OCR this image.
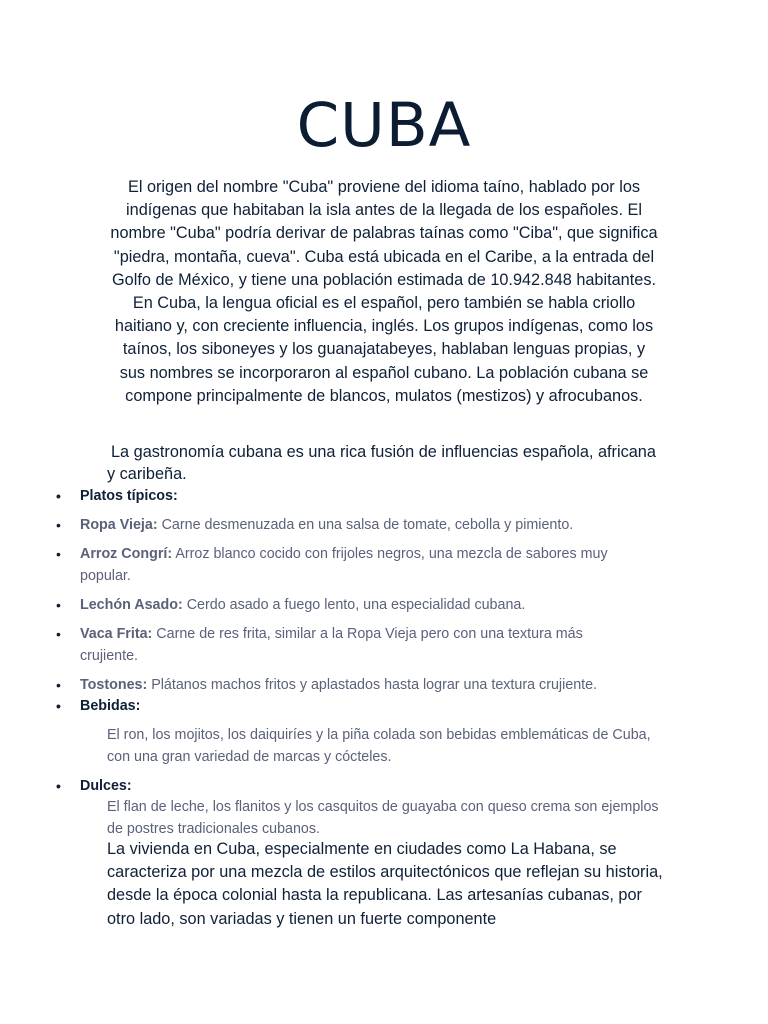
CUBA
El origen del nombre "Cuba" proviene del idioma taíno, hablado por los indígenas que habitaban la isla antes de la llegada de los españoles. El nombre "Cuba" podría derivar de palabras taínas como "Ciba", que significa "piedra, montaña, cueva". Cuba está ubicada en el Caribe, a la entrada del Golfo de México, y tiene una población estimada de 10.942.848 habitantes. En Cuba, la lengua oficial es el español, pero también se habla criollo haitiano y, con creciente influencia, inglés. Los grupos indígenas, como los taínos, los siboneyes y los guanajatabeyes, hablaban lenguas propias, y sus nombres se incorporaron al español cubano. La población cubana se compone principalmente de blancos, mulatos (mestizos) y afrocubanos.
La gastronomía cubana es una rica fusión de influencias española, africana y caribeña.
• Platos típicos:
• Ropa Vieja: Carne desmenuzada en una salsa de tomate, cebolla y pimiento.
• Arroz Congrí: Arroz blanco cocido con frijoles negros, una mezcla de sabores muy popular.
• Lechón Asado: Cerdo asado a fuego lento, una especialidad cubana.
• Vaca Frita: Carne de res frita, similar a la Ropa Vieja pero con una textura más crujiente.
• Tostones: Plátanos machos fritos y aplastados hasta lograr una textura crujiente.
• Bebidas:
• Dulces:
El ron, los mojitos, los daiquiríes y la piña colada son bebidas emblemáticas de Cuba, con una gran variedad de marcas y cócteles.
El flan de leche, los flanitos y los casquitos de guayaba con queso crema son ejemplos de postres tradicionales cubanos.
La vivienda en Cuba, especialmente en ciudades como La Habana, se caracteriza por una mezcla de estilos arquitectónicos que reflejan su historia, desde la época colonial hasta la republicana. Las artesanías cubanas, por otro lado, son variadas y tienen un fuerte componente
